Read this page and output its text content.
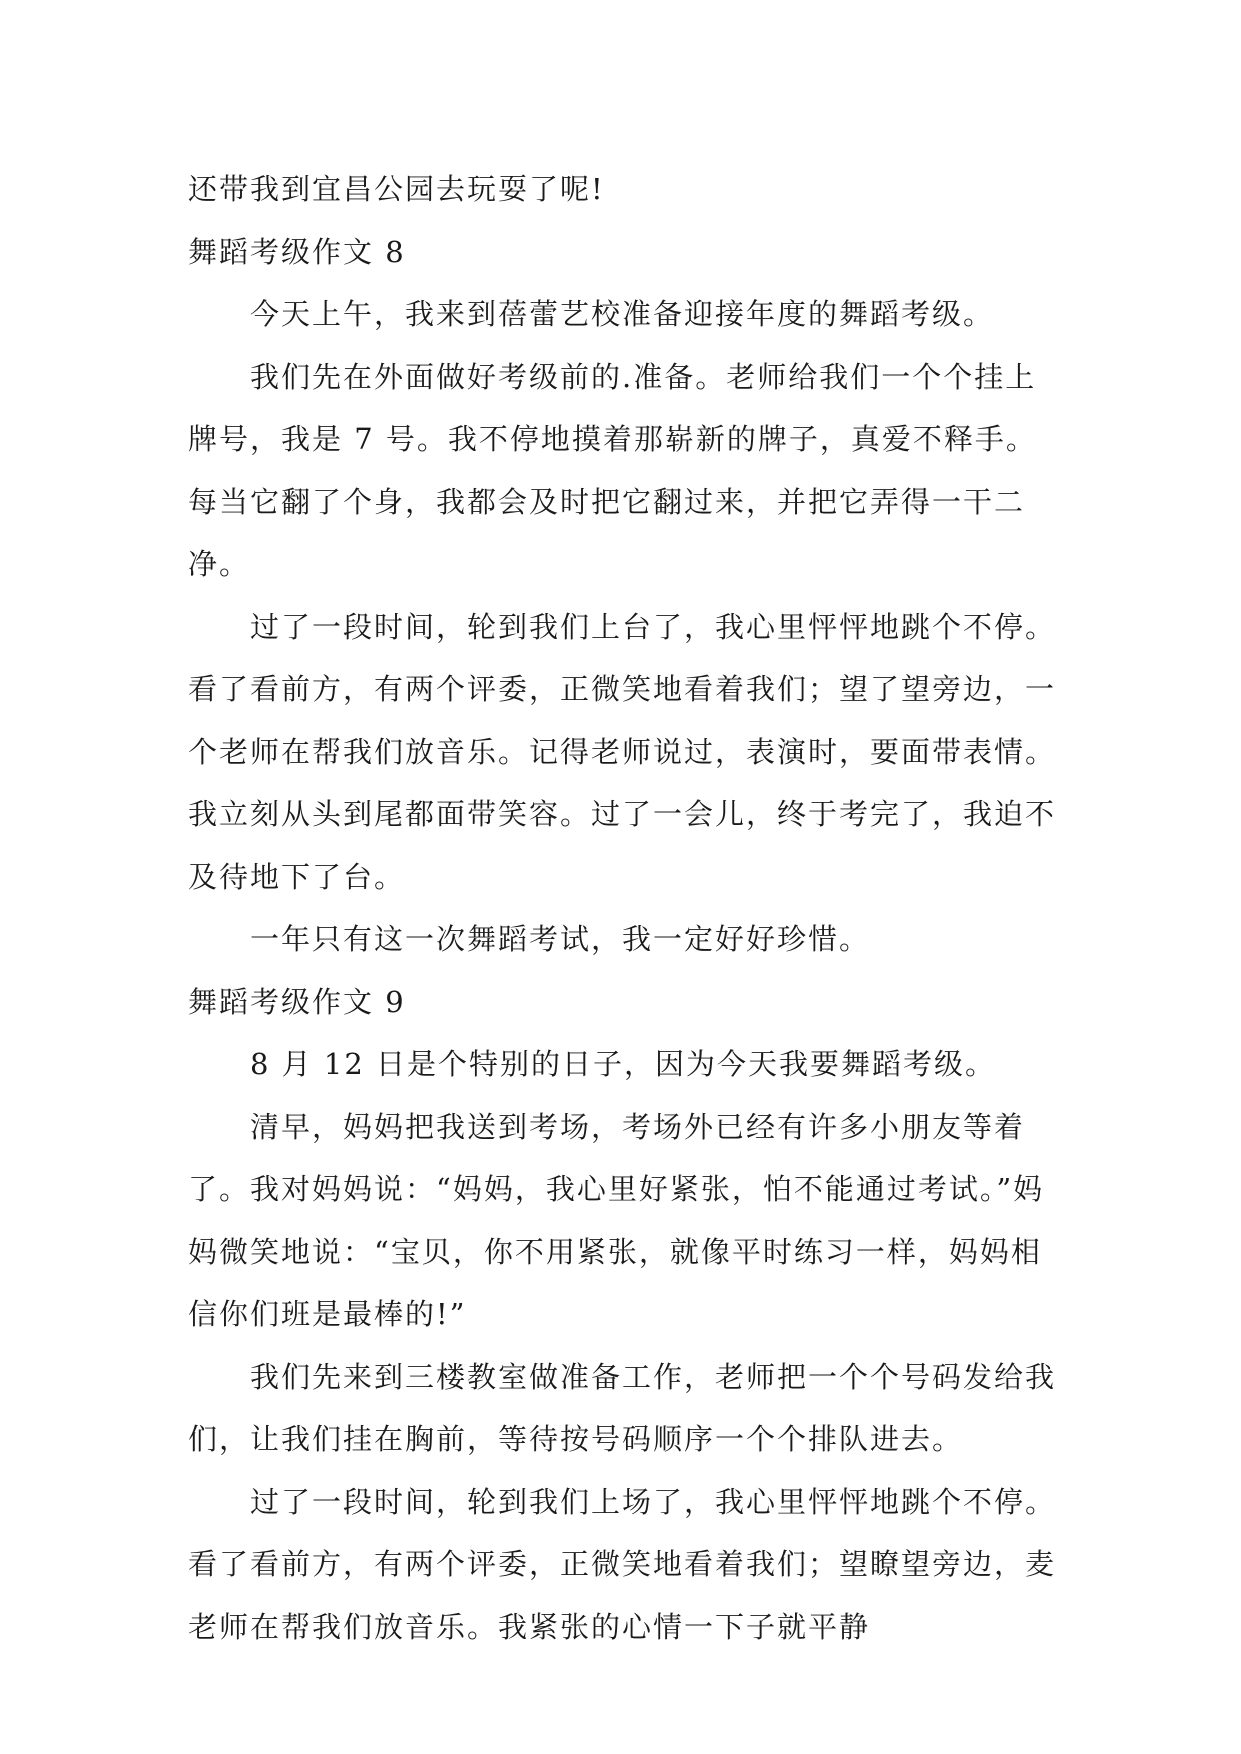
还带我到宜昌公园去玩耍了呢!

舞蹈考级作文 8

今天上午，我来到蓓蕾艺校准备迎接年度的舞蹈考级。

我们先在外面做好考级前的.准备。老师给我们一个个挂上牌号，我是 7 号。我不停地摸着那崭新的牌子，真爱不释手。每当它翻了个身，我都会及时把它翻过来，并把它弄得一干二净。

过了一段时间，轮到我们上台了，我心里怦怦地跳个不停。看了看前方，有两个评委，正微笑地看着我们；望了望旁边，一个老师在帮我们放音乐。记得老师说过，表演时，要面带表情。我立刻从头到尾都面带笑容。过了一会儿，终于考完了，我迫不及待地下了台。

一年只有这一次舞蹈考试，我一定好好珍惜。

舞蹈考级作文 9

8 月 12 日是个特别的日子，因为今天我要舞蹈考级。

清早，妈妈把我送到考场，考场外已经有许多小朋友等着了。我对妈妈说：“妈妈，我心里好紧张，怕不能通过考试。”妈妈微笑地说：“宝贝，你不用紧张，就像平时练习一样，妈妈相信你们班是最棒的!”

我们先来到三楼教室做准备工作，老师把一个个号码发给我们，让我们挂在胸前，等待按号码顺序一个个排队进去。

过了一段时间，轮到我们上场了，我心里怦怦地跳个不停。看了看前方，有两个评委，正微笑地看着我们；望瞭望旁边，麦老师在帮我们放音乐。我紧张的心情一下子就平静
